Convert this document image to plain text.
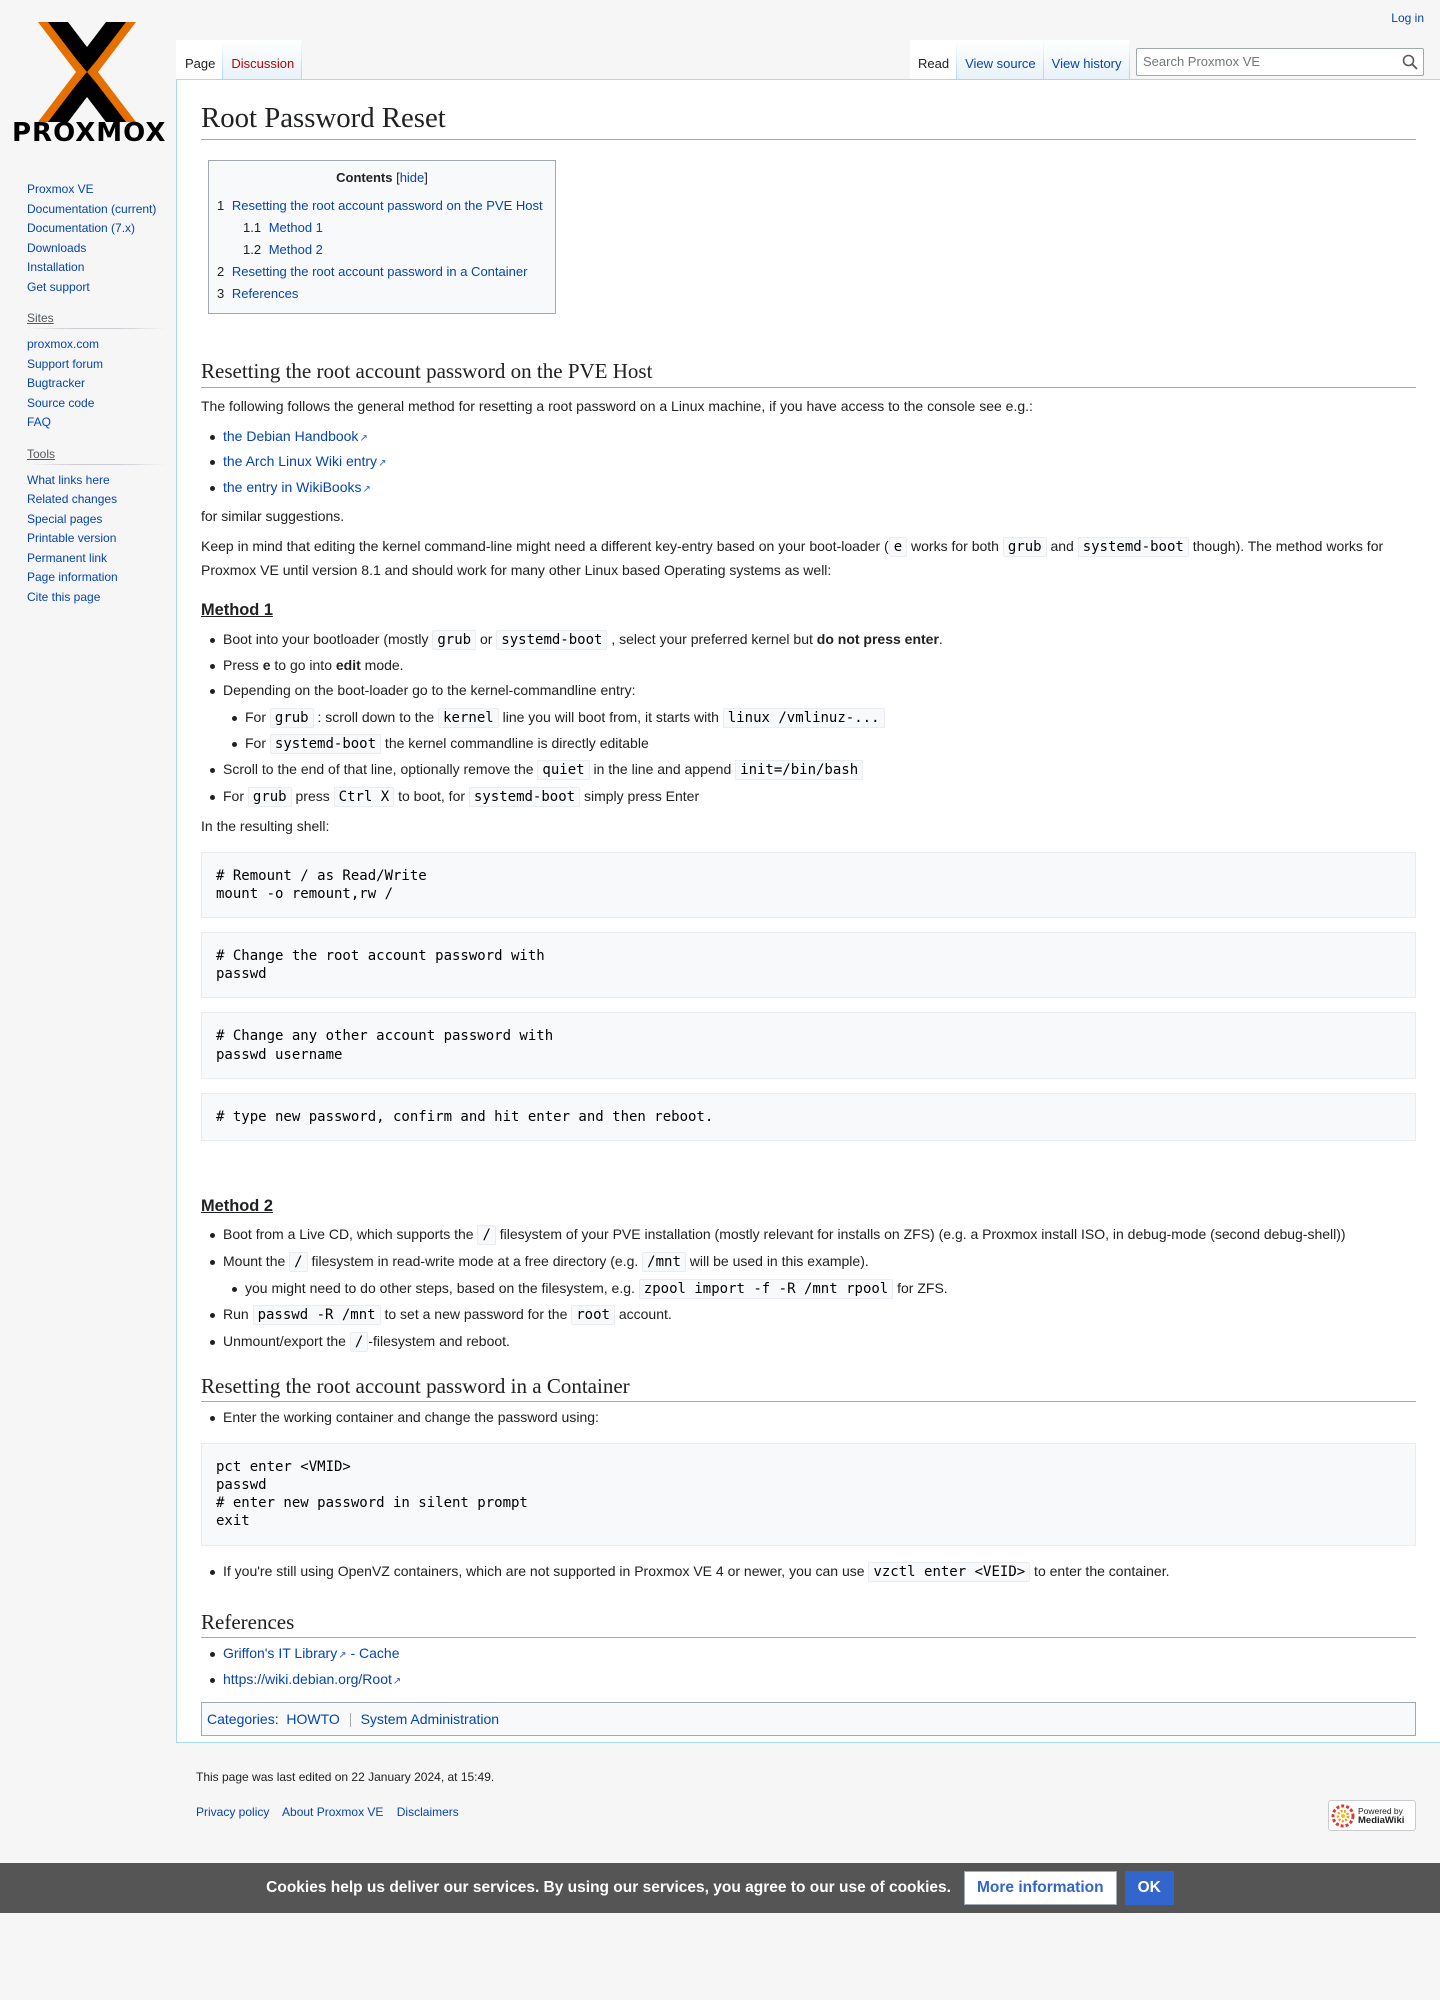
PROXMOX
Log in
Page	Discussion	Read	View source	View history	Search Proxmox VE
Proxmox VE
Documentation (current)
Documentation (7.x)
Downloads
Installation
Get support
Sites
proxmox.com
Support forum
Bugtracker
Source code
FAQ
Tools
What links here
Related changes
Special pages
Printable version
Permanent link
Page information
Cite this page
Root Password Reset
Contents [hide]
1 Resetting the root account password on the PVE Host
1.1 Method 1
1.2 Method 2
2 Resetting the root account password in a Container
3 References
Resetting the root account password on the PVE Host

The following follows the general method for resetting a root password on a Linux machine, if you have access to the console see e.g.:

the Debian Handbook ↗
the Arch Linux Wiki entry ↗
the entry in WikiBooks ↗

for similar suggestions.

Keep in mind that editing the kernel command-line might need a different key-entry based on your boot-loader ( e works for both grub and systemd-boot though). The method works for Proxmox VE until version 8.1 and should work for many other Linux based Operating systems as well:

Method 1
Boot into your bootloader (mostly grub or systemd-boot , select your preferred kernel but do not press enter.
Press e to go into edit mode.
Depending on the boot-loader go to the kernel-commandline entry:
For grub : scroll down to the kernel line you will boot from, it starts with linux /vmlinuz-...
For systemd-boot the kernel commandline is directly editable
Scroll to the end of that line, optionally remove the quiet in the line and append init=/bin/bash
For grub press Ctrl X to boot, for systemd-boot simply press Enter

In the resulting shell:

# Remount / as Read/Write
mount -o remount,rw /
# Change the root account password with
passwd
# Change any other account password with
passwd username
# type new password, confirm and hit enter and then reboot.
Method 2
Boot from a Live CD, which supports the / filesystem of your PVE installation (mostly relevant for installs on ZFS) (e.g. a Proxmox install ISO, in debug-mode (second debug-shell))
Mount the / filesystem in read-write mode at a free directory (e.g. /mnt will be used in this example).
you might need to do other steps, based on the filesystem, e.g. zpool import -f -R /mnt rpool for ZFS.
Run passwd -R /mnt to set a new password for the root account.
Unmount/export the / -filesystem and reboot.
Resetting the root account password in a Container
Enter the working container and change the password using:
pct enter <VMID>
passwd
# enter new password in silent prompt
exit
If you're still using OpenVZ containers, which are not supported in Proxmox VE 4 or newer, you can use vzctl enter <VEID> to enter the container.
References
Griffon's IT Library ↗ - Cache
https://wiki.debian.org/Root ↗
Categories:  HOWTO System Administration
This page was last edited on 22 January 2024, at 15:49.
Privacy policy About Proxmox VE Disclaimers	Powered by
MediaWiki
Cookies help us deliver our services. By using our services, you agree to our use of cookies.	More information	OK
